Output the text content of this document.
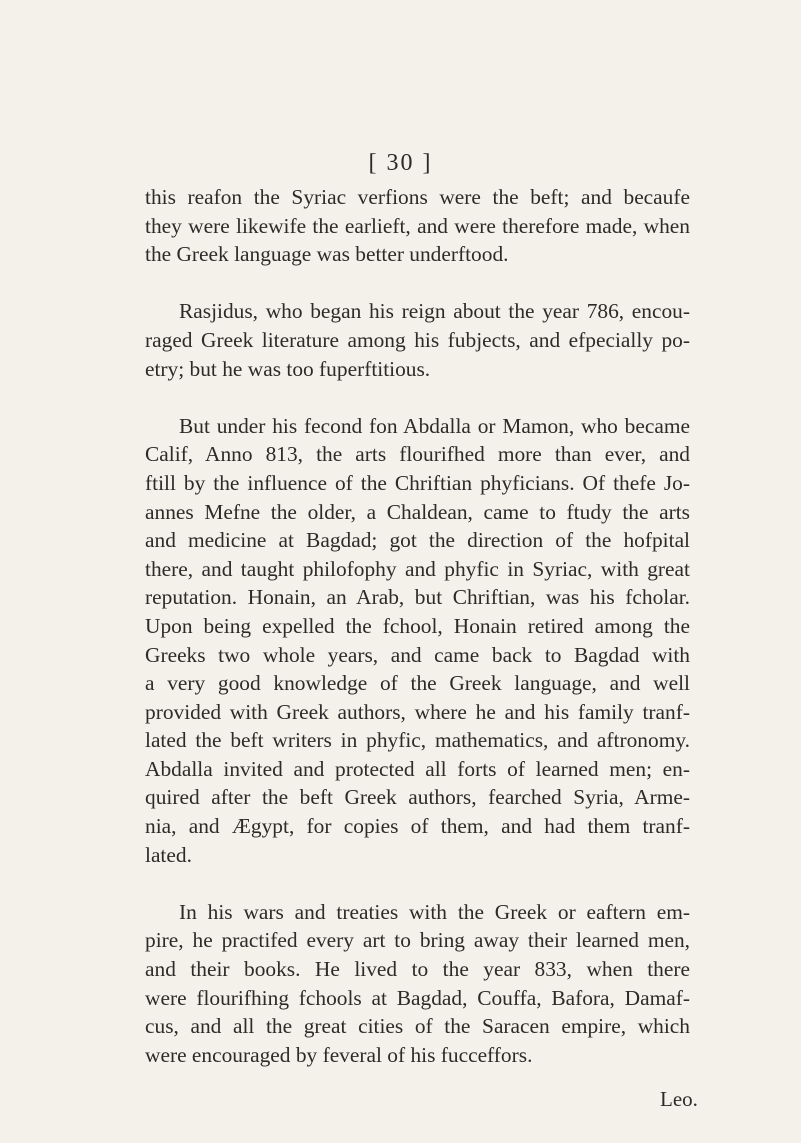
[ 30 ]

this reafon the Syriac verfions were the beft; and becaufe
they were likewife the earlieft, and were therefore made, when
the Greek language was better underftood.

Rasjidus, who began his reign about the year 786, encou-
raged Greek literature among his fubjects, and efpecially po-
etry; but he was too fuperftitious.

But under his fecond fon Abdalla or Mamon, who became
Calif, Anno 813, the arts flourifhed more than ever, and
ftill by the influence of the Chriftian phyficians. Of thefe Jo-
annes Mefne the older, a Chaldean, came to ftudy the arts
and medicine at Bagdad; got the direction of the hofpital
there, and taught philofophy and phyfic in Syriac, with great
reputation. Honain, an Arab, but Chriftian, was his fcholar.
Upon being expelled the fchool, Honain retired among the
Greeks two whole years, and came back to Bagdad with
a very good knowledge of the Greek language, and well
provided with Greek authors, where he and his family tranf-
lated the beft writers in phyfic, mathematics, and aftronomy.
Abdalla invited and protected all forts of learned men; en-
quired after the beft Greek authors, fearched Syria, Arme-
nia, and Ægypt, for copies of them, and had them tranf-
lated.

In his wars and treaties with the Greek or eaftern em-
pire, he practifed every art to bring away their learned men,
and their books. He lived to the year 833, when there
were flourifhing fchools at Bagdad, Couffa, Bafora, Damaf-
cus, and all the great cities of the Saracen empire, which
were encouraged by feveral of his fucceffors.

Leo.
